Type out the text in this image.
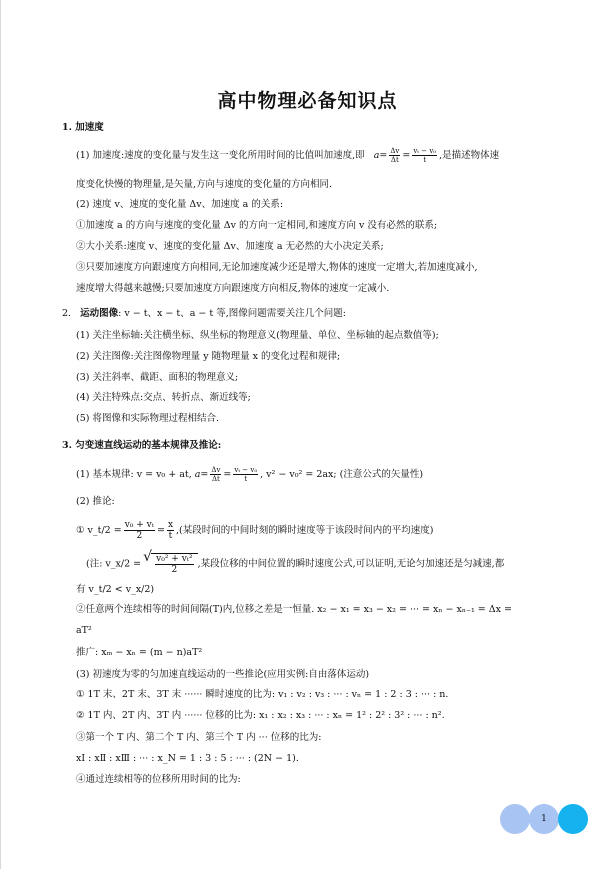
高中物理必备知识点
1. 加速度
(1) 加速度:速度的变化量与发生这一变化所用时间的比值叫加速度,即 $a= \frac{\Delta v}{\Delta t} = \frac{\text{vₜ − v₀}}{t}$ ,是描述物体速
度变化快慢的物理量,是矢量,方向与速度的变化量的方向相同.
(2) 速度 v、速度的变化量 Δv、加速度 a 的关系:
①加速度 a 的方向与速度的变化量 Δv 的方向一定相同,和速度方向 v 没有必然的联系;
②大小关系:速度 v、速度的变化量 Δv、加速度 a 无必然的大小决定关系;
③只要加速度方向跟速度方向相同,无论加速度减少还是增大,物体的速度一定增大,若加速度减小,
速度增大得越来越慢;只要加速度方向跟速度方向相反,物体的速度一定减小.
2. 运动图像: v − t、x − t、a − t 等,图像问题需要关注几个问题:
(1) 关注坐标轴:关注横坐标、纵坐标的物理意义(物理量、单位、坐标轴的起点数值等);
(2) 关注图像:关注图像物理量 y 随物理量 x 的变化过程和规律;
(3) 关注斜率、截距、面积的物理意义;
(4) 关注特殊点:交点、转折点、渐近线等;
(5) 将图像和实际物理过程相结合.
3. 匀变速直线运动的基本规律及推论:
(1) 基本规律: v = v₀ + at, $a= \frac{\Delta v}{\Delta t} = \frac{\text{vₜ − v₀}}{t}$ , v² − v₀² = 2ax; (注意公式的矢量性)
(2) 推论:
① v_t/2 = $\frac{\text{v₀ + vₜ}}{2} = \frac{x}{t}$ ,(某段时间的中间时刻的瞬时速度等于该段时间内的平均速度)
(注: v_x/2 =
√ $\frac{\text{v₀² + vₜ²}}{2}$ ,某段位移的中间位置的瞬时速度公式,可以证明,无论匀加速还是匀减速,都
有 v_t/2 < v_x/2)
②任意两个连续相等的时间间隔(T)内,位移之差是一恒量. x₂ − x₁ = x₃ − x₂ = ··· = xₙ − xₙ₋₁ = Δx =
aT²
推广: xₘ − xₙ = (m − n)aT²
(3) 初速度为零的匀加速直线运动的一些推论(应用实例:自由落体运动)
① 1T 末、2T 末、3T 末 ······ 瞬时速度的比为: v₁ : v₂ : v₃ : ··· : vₙ = 1 : 2 : 3 : ··· : n.
② 1T 内、2T 内、3T 内 ······ 位移的比为: x₁ : x₂ : x₃ : ··· : xₙ = 1² : 2² : 3² : ··· : n².
③第一个 T 内、第二个 T 内、第三个 T 内 ··· 位移的比为:
xⅠ : xⅡ : xⅢ : ··· : x_N = 1 : 3 : 5 : ··· : (2N − 1).
④通过连续相等的位移所用时间的比为:
1
